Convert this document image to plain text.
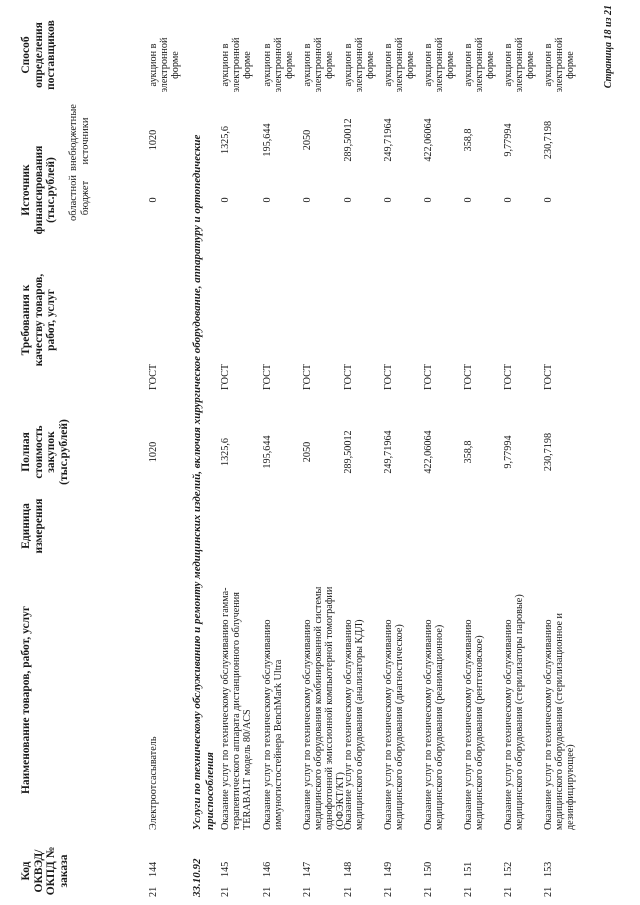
Код ОКВЭД/ ОКПД № заказа
Наименование товаров, работ, услуг
Единица измерения
Полная стоимость закупок (тыс.рублей)
Требования к качеству товаров, работ, услуг
Источник финансирования (тыс.рублей) областной бюджет
внебюджетные источники
Способ определения поставщиков
21
144
Электроотсасыватель
1020
ГОСТ
0
1020
аукцион в электронной форме
33.10.92
Услуги по техническому обслуживанию и ремонту медицинских изделий, включая хирургическое оборудование, аппаратуру и ортопедические приспособления
21
145
Оказание услуг по техническому обслуживанию гамма-терапевтического аппарата дистанционного облучения TERABALT модель 80/ACS
1325,6
ГОСТ
0
1325,6
аукцион в электронной форме
21
146
Оказание услуг по техническому обслуживанию иммуногистостейнера BenchMark Ultra
195,644
ГОСТ
0
195,644
аукцион в электронной форме
21
147
Оказание услуг по техническому обслуживанию медицинского оборудования комбинированной системы однофотонной эмиссионной компьютерной томографии (ОФЭКТ/КТ)
2050
ГОСТ
0
2050
аукцион в электронной форме
21
148
Оказание услуг по техническому обслуживанию медицинского оборудования (анализаторы КДЛ)
289,50012
ГОСТ
0
289,50012
аукцион в электронной форме
21
149
Оказание услуг по техническому обслуживанию медицинского оборудования (диагностическое)
249,71964
ГОСТ
0
249,71964
аукцион в электронной форме
21
150
Оказание услуг по техническому обслуживанию медицинского оборудования (реанимационное)
422,06064
ГОСТ
0
422,06064
аукцион в электронной форме
21
151
Оказание услуг по техническому обслуживанию медицинского оборудования (рентгеновское)
358,8
ГОСТ
0
358,8
аукцион в электронной форме
21
152
Оказание услуг по техническому обслуживанию медицинского оборудования (стерилизаторы паровые)
9,77994
ГОСТ
0
9,77994
аукцион в электронной форме
21
153
Оказание услуг по техническому обслуживанию медицинского оборудования (стерилизационное и дезинфицирующее)
230,7198
ГОСТ
0
230,7198
аукцион в электронной форме	Страница 18 из 21
